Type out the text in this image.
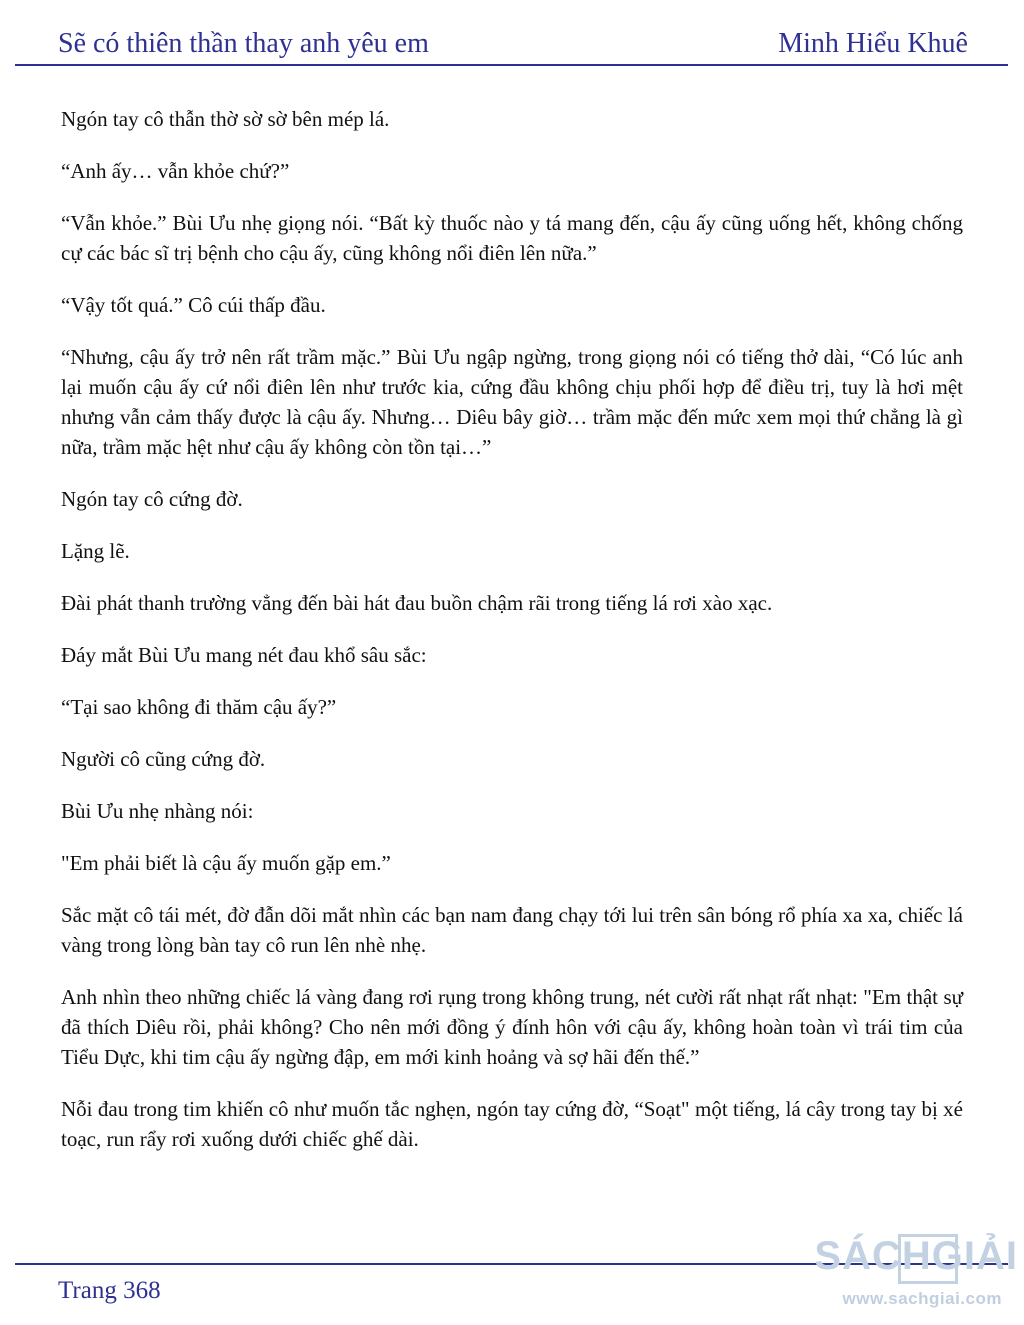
Sẽ có thiên thần thay anh yêu em	Minh Hiểu Khuê

Ngón tay cô thẫn thờ sờ sờ bên mép lá.

“Anh ấy… vẫn khỏe chứ?”

“Vẫn khỏe.” Bùi Ưu nhẹ giọng nói. “Bất kỳ thuốc nào y tá mang đến, cậu ấy cũng uống hết, không chống cự các bác sĩ trị bệnh cho cậu ấy, cũng không nổi điên lên nữa.”

“Vậy tốt quá.” Cô cúi thấp đầu.

“Nhưng, cậu ấy trở nên rất trầm mặc.” Bùi Ưu ngập ngừng, trong giọng nói có tiếng thở dài, “Có lúc anh lại muốn cậu ấy cứ nổi điên lên như trước kia, cứng đầu không chịu phối hợp để điều trị, tuy là hơi mệt nhưng vẫn cảm thấy được là cậu ấy. Nhưng… Diêu bây giờ… trầm mặc đến mức xem mọi thứ chẳng là gì nữa, trầm mặc hệt như cậu ấy không còn tồn tại…”

Ngón tay cô cứng đờ.

Lặng lẽ.

Đài phát thanh trường vẳng đến bài hát đau buồn chậm rãi trong tiếng lá rơi xào xạc.

Đáy mắt Bùi Ưu mang nét đau khổ sâu sắc:

“Tại sao không đi thăm cậu ấy?”

Người cô cũng cứng đờ.

Bùi Ưu nhẹ nhàng nói:

"Em phải biết là cậu ấy muốn gặp em.”

Sắc mặt cô tái mét, đờ đẫn dõi mắt nhìn các bạn nam đang chạy tới lui trên sân bóng rổ phía xa xa, chiếc lá vàng trong lòng bàn tay cô run lên nhè nhẹ.

Anh nhìn theo những chiếc lá vàng đang rơi rụng trong không trung, nét cười rất nhạt rất nhạt: "Em thật sự đã thích Diêu rồi, phải không? Cho nên mới đồng ý đính hôn với cậu ấy, không hoàn toàn vì trái tim của Tiểu Dực, khi tim cậu ấy ngừng đập, em mới kinh hoảng và sợ hãi đến thế.”

Nỗi đau trong tim khiến cô như muốn tắc nghẹn, ngón tay cứng đờ, “Soạt" một tiếng, lá cây trong tay bị xé toạc, run rẩy rơi xuống dưới chiếc ghế dài.

Trang 368
SÁCHGIẢI
www.sachgiai.com
